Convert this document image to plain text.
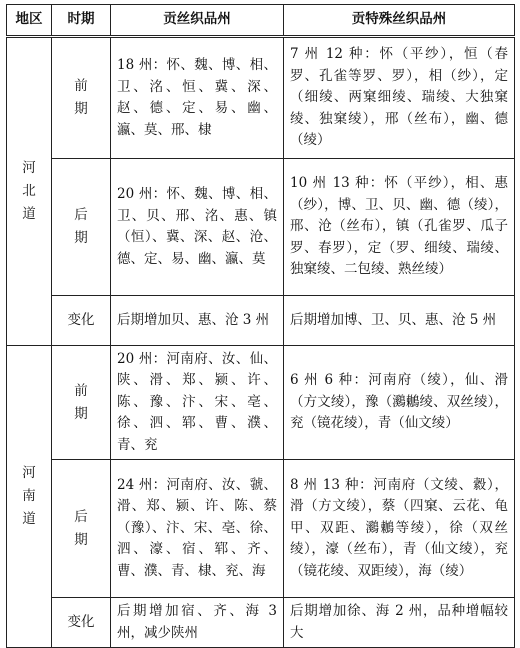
地区	时期	贡丝织品州	贡特殊丝织品州
河北道	前期	18 州：怀、魏、博、相、卫、洺、恒、冀、深、赵、德、定、易、幽、瀛、莫、邢、棣	7 州 12 种：怀（平纱），恒（春罗、孔雀等罗、罗），相（纱），定（细绫、两窠细绫、瑞绫、大独窠绫、独窠绫），邢（丝布），幽、德（绫）
	后期	20 州：怀、魏、博、相、卫、贝、邢、洺、惠、镇（恒）、冀、深、赵、沧、德、定、易、幽、瀛、莫	10 州 13 种：怀（平纱），相、惠（纱），博、卫、贝、幽、德（绫），邢、沧（丝布），镇（孔雀罗、瓜子罗、春罗），定（罗、细绫、瑞绫、独窠绫、二包绫、熟丝绫）
	变化	后期增加贝、惠、沧 3 州	后期增加博、卫、贝、惠、沧 5 州
河南道	前期	20 州：河南府、汝、仙、陕、滑、郑、颍、许、陈、豫、汴、宋、亳、徐、泗、郓、曹、濮、青、兖	6 州 6 种：河南府（绫），仙、滑（方文绫），豫（鸂鶒绫、双丝绫），兖（镜花绫），青（仙文绫）
	后期	24 州：河南府、汝、虢、滑、郑、颍、许、陈、蔡（豫）、汴、宋、亳、徐、泗、濠、宿、郓、齐、曹、濮、青、棣、兖、海	8 州 13 种：河南府（文绫、縠），滑（方文绫），蔡（四窠、云花、龟甲、双距、鸂鶒等绫），徐（双丝绫），濠（丝布），青（仙文绫），兖（镜花绫、双距绫），海（绫）
	变化	后期增加宿、齐、海 3 州，减少陕州	后期增加徐、海 2 州，品种增幅较大
